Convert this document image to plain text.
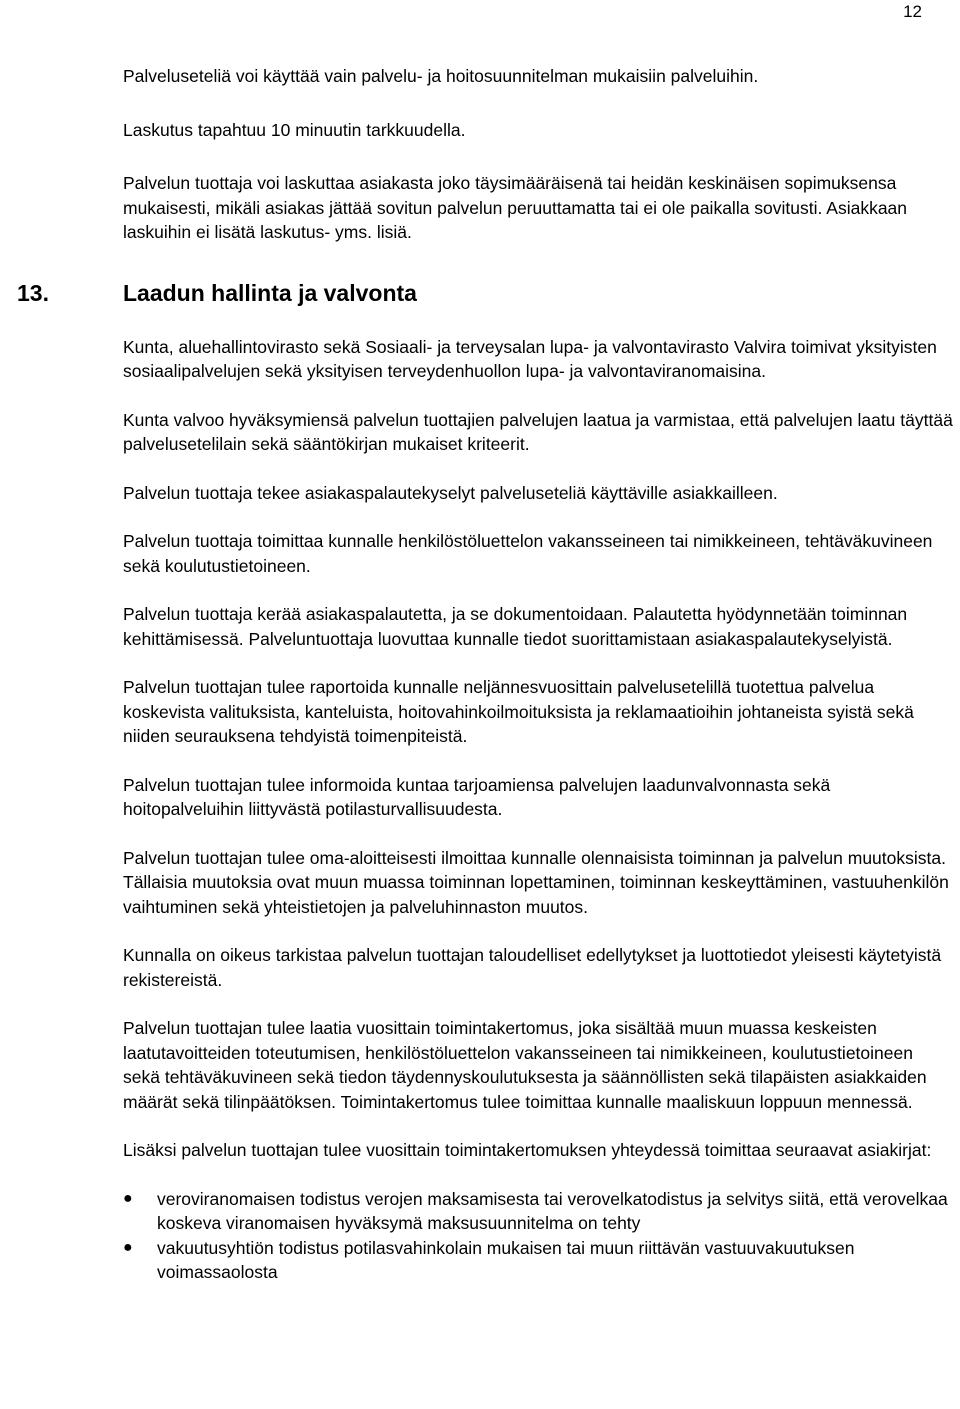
12

Palveluseteliä voi käyttää vain palvelu- ja hoitosuunnitelman mukaisiin palveluihin.

Laskutus tapahtuu 10 minuutin tarkkuudella.

Palvelun tuottaja voi laskuttaa asiakasta joko täysimääräisenä tai heidän keskinäisen sopimuksensa mukaisesti, mikäli asiakas jättää sovitun palvelun peruuttamatta tai ei ole paikalla sovitusti. Asiakkaan laskuihin ei lisätä laskutus- yms. lisiä.

13.	Laadun hallinta ja valvonta

Kunta, aluehallintovirasto sekä Sosiaali- ja terveysalan lupa- ja valvontavirasto Valvira toimivat yksityisten sosiaalipalvelujen sekä yksityisen terveydenhuollon lupa- ja valvontaviranomaisina.

Kunta valvoo hyväksymiensä palvelun tuottajien palvelujen laatua ja varmistaa, että palvelujen laatu täyttää palvelusetelilain sekä sääntökirjan mukaiset kriteerit.

Palvelun tuottaja tekee asiakaspalautekyselyt palveluseteliä käyttäville asiakkailleen.

Palvelun tuottaja toimittaa kunnalle henkilöstöluettelon vakansseineen tai nimikkeineen, tehtäväkuvineen sekä koulutustietoineen.

Palvelun tuottaja kerää asiakaspalautetta, ja se dokumentoidaan. Palautetta hyödynnetään toiminnan kehittämisessä. Palveluntuottaja luovuttaa kunnalle tiedot suorittamistaan asiakaspalautekyselyistä.

Palvelun tuottajan tulee raportoida kunnalle neljännesvuosittain palvelusetelillä tuotettua palvelua koskevista valituksista, kanteluista, hoitovahinkoilmoituksista ja reklamaatioihin johtaneista syistä sekä niiden seurauksena tehdyistä toimenpiteistä.

Palvelun tuottajan tulee informoida kuntaa tarjoamiensa palvelujen laadunvalvonnasta sekä hoitopalveluihin liittyvästä potilasturvallisuudesta.

Palvelun tuottajan tulee oma-aloitteisesti ilmoittaa kunnalle olennaisista toiminnan ja palvelun muutoksista. Tällaisia muutoksia ovat muun muassa toiminnan lopettaminen, toiminnan keskeyttäminen, vastuuhenkilön vaihtuminen sekä yhteistietojen ja palveluhinnaston muutos.

Kunnalla on oikeus tarkistaa palvelun tuottajan taloudelliset edellytykset ja luottotiedot yleisesti käytetyistä rekistereistä.

Palvelun tuottajan tulee laatia vuosittain toimintakertomus, joka sisältää muun muassa keskeisten laatutavoitteiden toteutumisen, henkilöstöluettelon vakansseineen tai nimikkeineen, koulutustietoineen sekä tehtäväkuvineen sekä tiedon täydennyskoulutuksesta ja säännöllisten sekä tilapäisten asiakkaiden määrät sekä tilinpäätöksen. Toimintakertomus tulee toimittaa kunnalle maaliskuun loppuun mennessä.

Lisäksi palvelun tuottajan tulee vuosittain toimintakertomuksen yhteydessä toimittaa seuraavat asiakirjat:

● veroviranomaisen todistus verojen maksamisesta tai verovelkatodistus ja selvitys siitä, että verovelkaa koskeva viranomaisen hyväksymä maksusuunnitelma on tehty
● vakuutusyhtiön todistus potilasvahinkolain mukaisen tai muun riittävän vastuuvakuutuksen voimassaolosta
